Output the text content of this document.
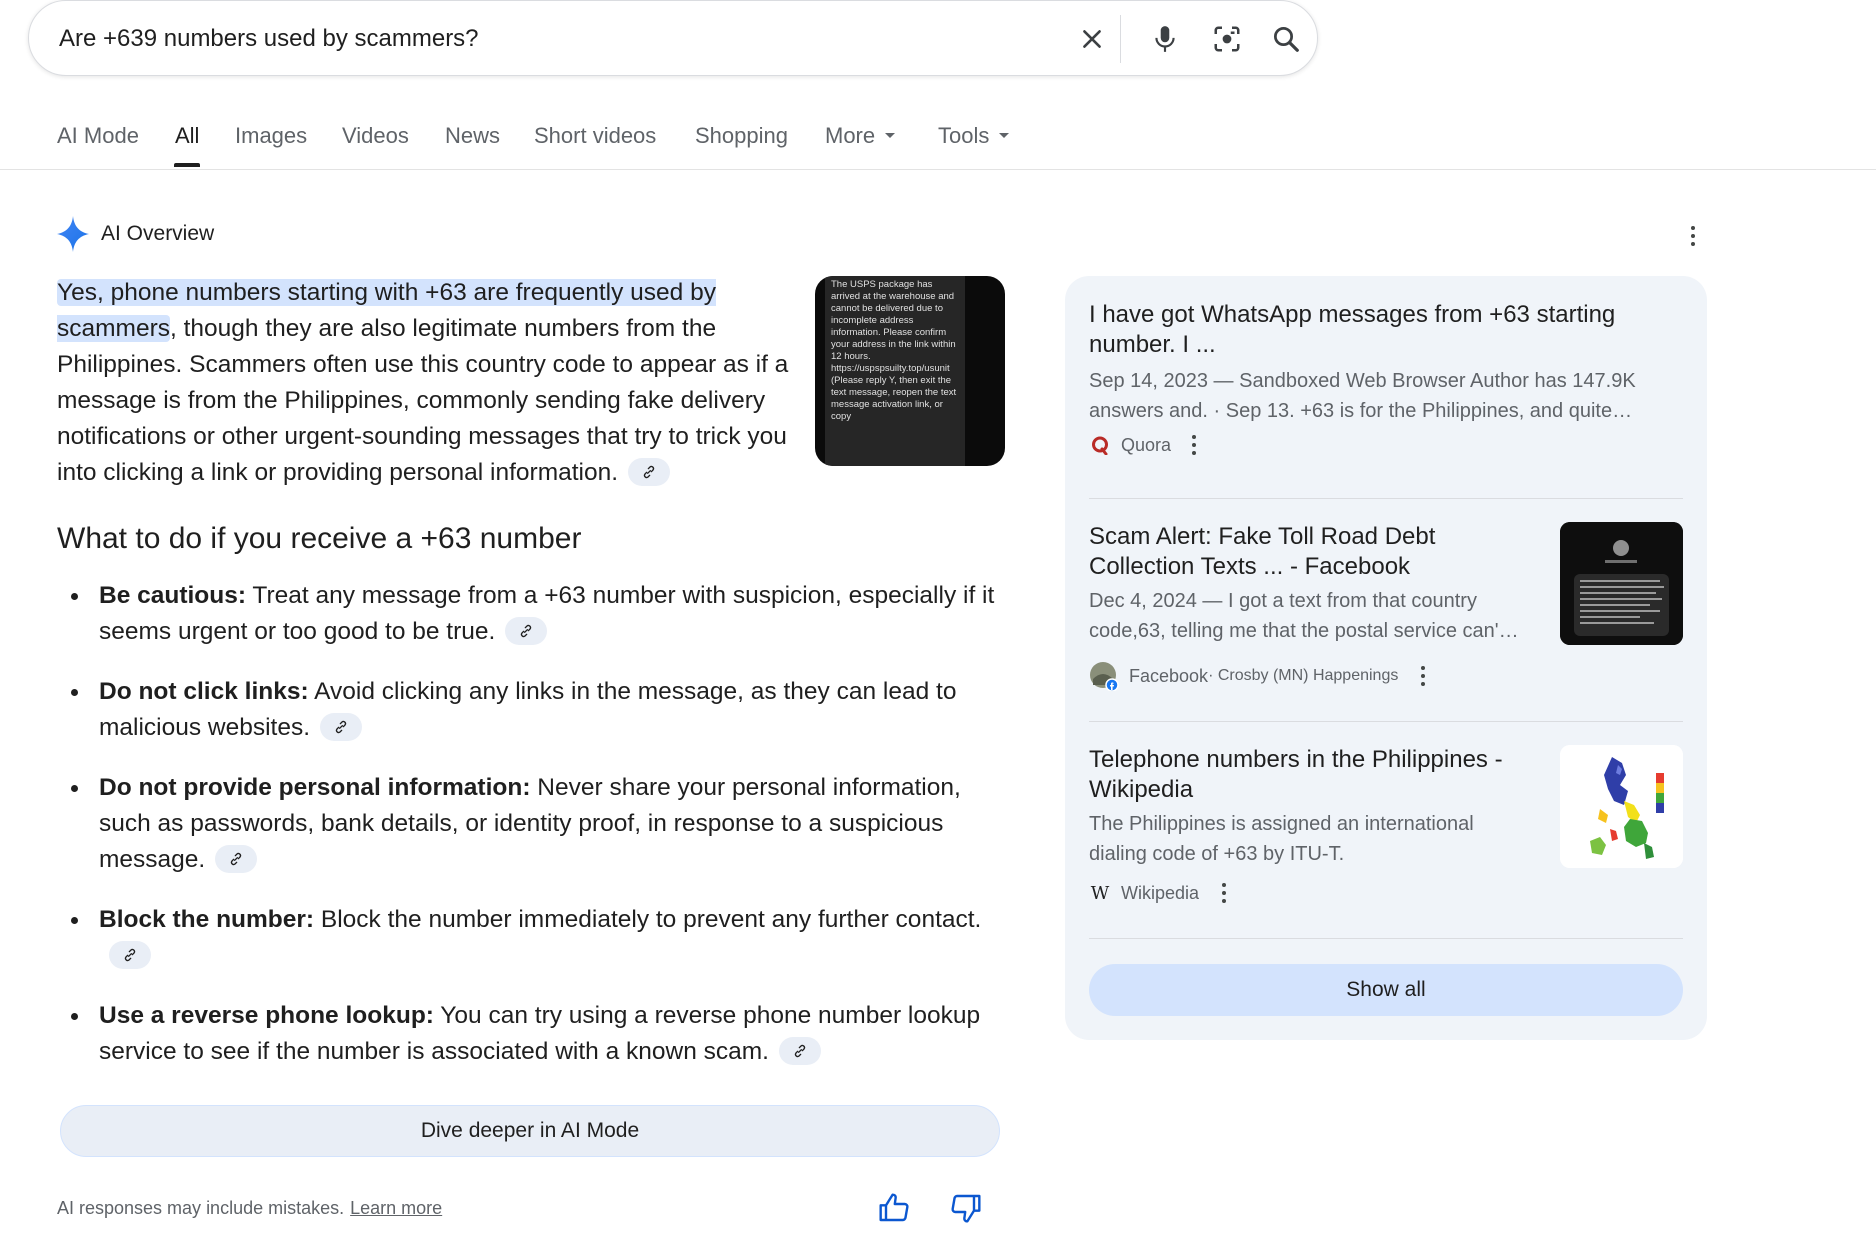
Are +639 numbers used by scammers?
AI Mode All Images Videos News Short videos Shopping More	Tools
AI Overview
Yes, phone numbers starting with +63 are frequently used by scammers, though they are also legitimate numbers from the Philippines. Scammers often use this country code to appear as if a message is from the Philippines, commonly sending fake delivery notifications or other urgent-sounding messages that try to trick you into clicking a link or providing personal information.
The USPS package has arrived at the warehouse and cannot be delivered due to incomplete address information. Please confirm your address in the link within 12 hours. https://uspspsuilty.top/usunit (Please reply Y, then exit the text message, reopen the text message activation link, or copy
What to do if you receive a +63 number
Be cautious: Treat any message from a +63 number with suspicion, especially if it seems urgent or too good to be true.
Do not click links: Avoid clicking any links in the message, as they can lead to malicious websites.
Do not provide personal information: Never share your personal information, such as passwords, bank details, or identity proof, in response to a suspicious message.
Block the number: Block the number immediately to prevent any further contact.
Use a reverse phone lookup: You can try using a reverse phone number lookup service to see if the number is associated with a known scam.
Dive deeper in AI Mode
AI responses may include mistakes. Learn more
I have got WhatsApp messages from +63 starting number. I ...
Sep 14, 2023 — Sandboxed Web Browser Author has 147.9K answers and. · Sep 13. +63 is for the Philippines, and quite…
Quora
Scam Alert: Fake Toll Road Debt Collection Texts ... - Facebook
Dec 4, 2024 — I got a text from that country code,63, telling me that the postal service can'…
Facebook · Crosby (MN) Happenings
Telephone numbers in the Philippines - Wikipedia
The Philippines is assigned an international dialing code of +63 by ITU-T.
W Wikipedia
Show all
